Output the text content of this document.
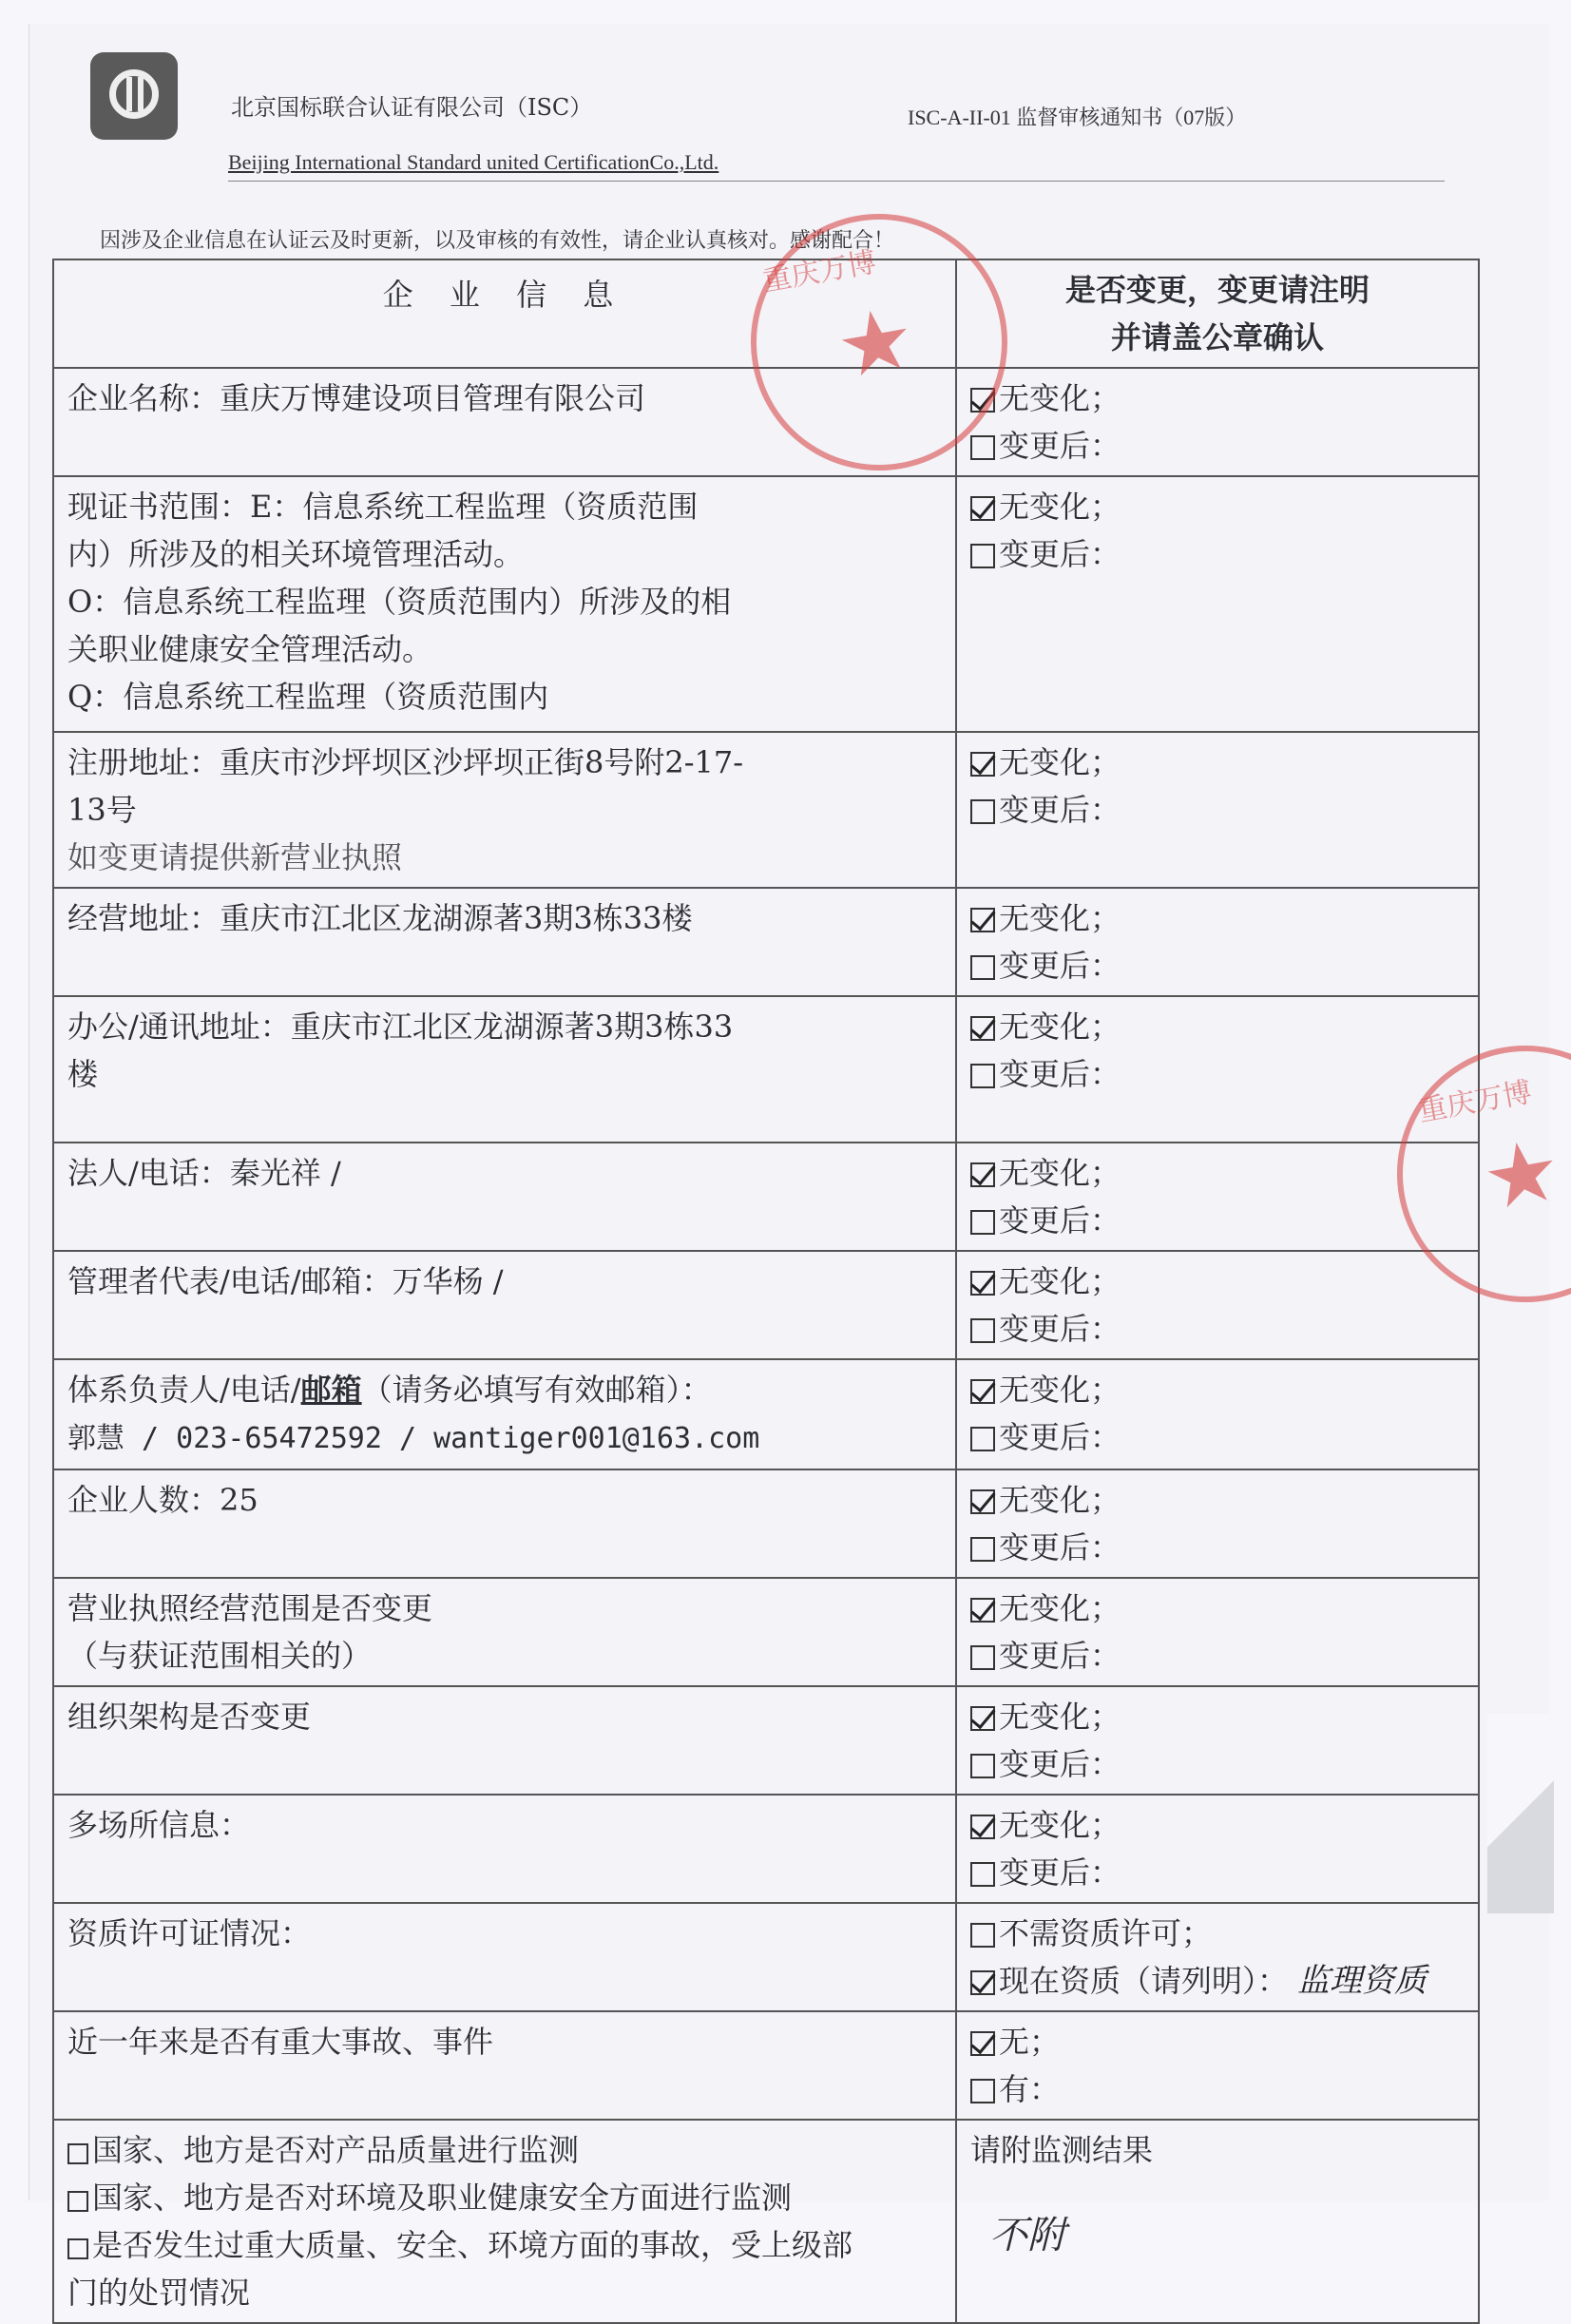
北京国标联合认证有限公司（ISC）
Beijing International Standard united CertificationCo.,Ltd.
ISC-A-II-01 监督审核通知书（07版）
因涉及企业信息在认证云及时更新，以及审核的有效性，请企业认真核对。感谢配合！
企 业 信 息	是否变更，变更请注明
并请盖公章确认
企业名称：重庆万博建设项目管理有限公司	无变化；
变更后：

现证书范围：E：信息系统工程监理（资质范围
内）所涉及的相关环境管理活动。
O：信息系统工程监理（资质范围内）所涉及的相
关职业健康安全管理活动。
Q：信息系统工程监理（资质范围内	无变化；
变更后：

注册地址：重庆市沙坪坝区沙坪坝正街8号附2-17-
13号
如变更请提供新营业执照	无变化；
变更后：

经营地址：重庆市江北区龙湖源著3期3栋33楼	无变化；
变更后：

办公/通讯地址：重庆市江北区龙湖源著3期3栋33
楼	无变化；
变更后：

法人/电话：秦光祥 /	无变化；
变更后：

管理者代表/电话/邮箱：万华杨 /	无变化；
变更后：

体系负责人/电话/邮箱（请务必填写有效邮箱）：
郭慧 / 023-65472592 / wantiger001@163.com	无变化；
变更后：

企业人数：25	无变化；
变更后：

营业执照经营范围是否变更
（与获证范围相关的）	无变化；
变更后：

组织架构是否变更	无变化；
变更后：

多场所信息：	无变化；
变更后：

资质许可证情况：	不需资质许可；
现在资质（请列明）： 监理资质

近一年来是否有重大事故、事件	无；
有：

国家、地方是否对产品质量进行监测
国家、地方是否对环境及职业健康安全方面进行监测
是否发生过重大质量、安全、环境方面的事故，受上级部
门的处罚情况	请附监测结果
不附
★
重庆万博
★
重庆万博
